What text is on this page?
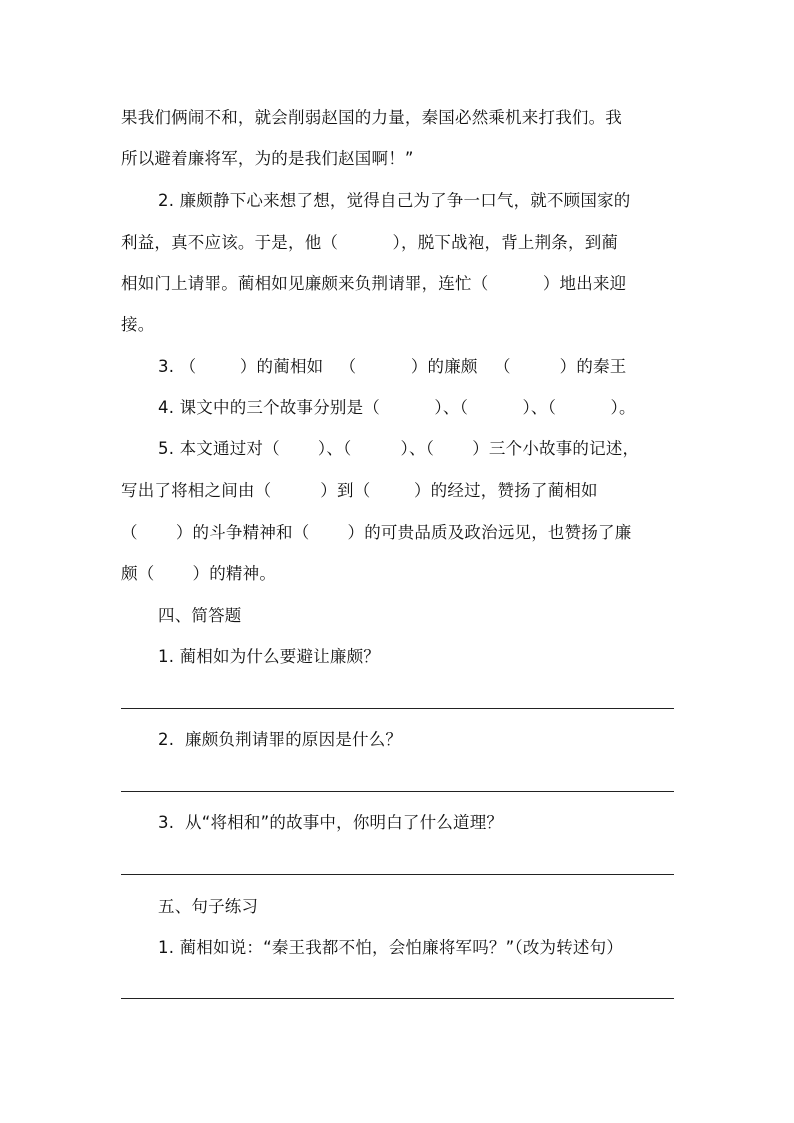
果我们俩闹不和，就会削弱赵国的力量，秦国必然乘机来打我们。我
所以避着廉将军，为的是我们赵国啊！”
2. 廉颇静下心来想了想，觉得自己为了争一口气，就不顾国家的
利益，真不应该。于是，他（          ），脱下战袍，背上荆条，到蔺
相如门上请罪。蔺相如见廉颇来负荆请罪，连忙（          ）地出来迎
接。
3. （        ）的蔺相如   （          ）的廉颇   （         ）的秦王
4. 课文中的三个故事分别是（          ）、（          ）、（          ）。
5. 本文通过对（       ）、（         ）、（       ）三个小故事的记述，
写出了将相之间由（         ）到（        ）的经过，赞扬了蔺相如
（       ）的斗争精神和（       ）的可贵品质及政治远见，也赞扬了廉
颇（       ）的精神。
四、简答题
1. 蔺相如为什么要避让廉颇？
2.  廉颇负荆请罪的原因是什么？
3.  从“将相和”的故事中，你明白了什么道理？
五、句子练习
1. 蔺相如说：“秦王我都不怕，会怕廉将军吗？”（改为转述句）
